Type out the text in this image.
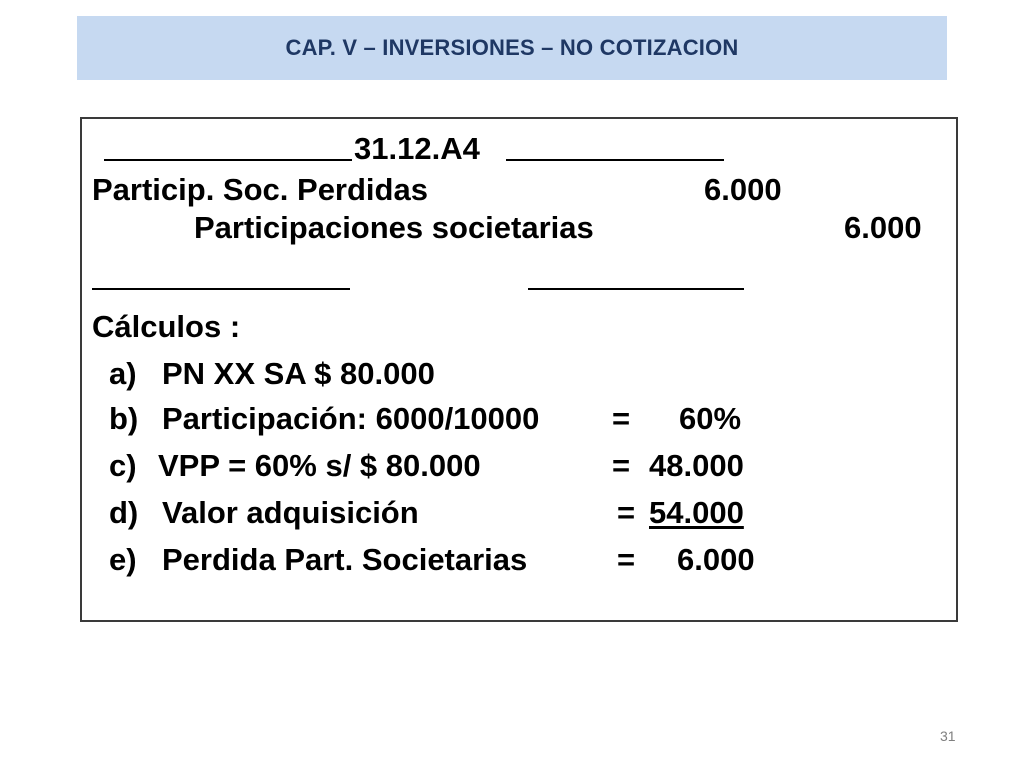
CAP. V – INVERSIONES – NO COTIZACION
31.12.A4
Particip. Soc. Perdidas	6.000
Participaciones societarias	6.000
Cálculos :
a) PN XX SA $ 80.000
b) Participación: 6000/10000 = 60%
c) VPP = 60% s/ $ 80.000	= 48.000
d) Valor adquisición	= 54.000
e) Perdida Part. Societarias	= 6.000
31
